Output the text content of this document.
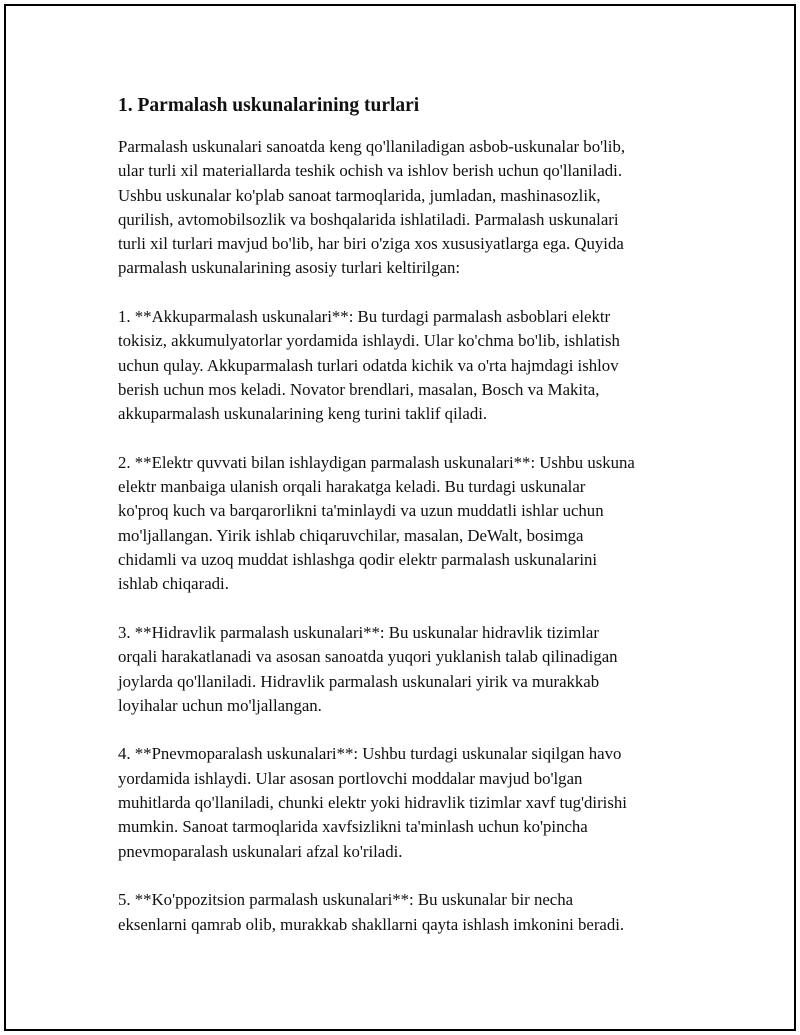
1. Parmalash uskunalarining turlari

Parmalash uskunalari sanoatda keng qo'llaniladigan asbob-uskunalar bo'lib,
ular turli xil materiallarda teshik ochish va ishlov berish uchun qo'llaniladi.
Ushbu uskunalar ko'plab sanoat tarmoqlarida, jumladan, mashinasozlik,
qurilish, avtomobilsozlik va boshqalarida ishlatiladi. Parmalash uskunalari
turli xil turlari mavjud bo'lib, har biri o'ziga xos xususiyatlarga ega. Quyida
parmalash uskunalarining asosiy turlari keltirilgan:

1. **Akkuparmalash uskunalari**: Bu turdagi parmalash asboblari elektr
tokisiz, akkumulyatorlar yordamida ishlaydi. Ular ko'chma bo'lib, ishlatish
uchun qulay. Akkuparmalash turlari odatda kichik va o'rta hajmdagi ishlov
berish uchun mos keladi. Novator brendlari, masalan, Bosch va Makita,
akkuparmalash uskunalarining keng turini taklif qiladi.

2. **Elektr quvvati bilan ishlaydigan parmalash uskunalari**: Ushbu uskuna
elektr manbaiga ulanish orqali harakatga keladi. Bu turdagi uskunalar
ko'proq kuch va barqarorlikni ta'minlaydi va uzun muddatli ishlar uchun
mo'ljallangan. Yirik ishlab chiqaruvchilar, masalan, DeWalt, bosimga
chidamli va uzoq muddat ishlashga qodir elektr parmalash uskunalarini
ishlab chiqaradi.

3. **Hidravlik parmalash uskunalari**: Bu uskunalar hidravlik tizimlar
orqali harakatlanadi va asosan sanoatda yuqori yuklanish talab qilinadigan
joylarda qo'llaniladi. Hidravlik parmalash uskunalari yirik va murakkab
loyihalar uchun mo'ljallangan.

4. **Pnevmoparalash uskunalari**: Ushbu turdagi uskunalar siqilgan havo
yordamida ishlaydi. Ular asosan portlovchi moddalar mavjud bo'lgan
muhitlarda qo'llaniladi, chunki elektr yoki hidravlik tizimlar xavf tug'dirishi
mumkin. Sanoat tarmoqlarida xavfsizlikni ta'minlash uchun ko'pincha
pnevmoparalash uskunalari afzal ko'riladi.

5. **Ko'ppozitsion parmalash uskunalari**: Bu uskunalar bir necha
eksenlarni qamrab olib, murakkab shakllarni qayta ishlash imkonini beradi.
